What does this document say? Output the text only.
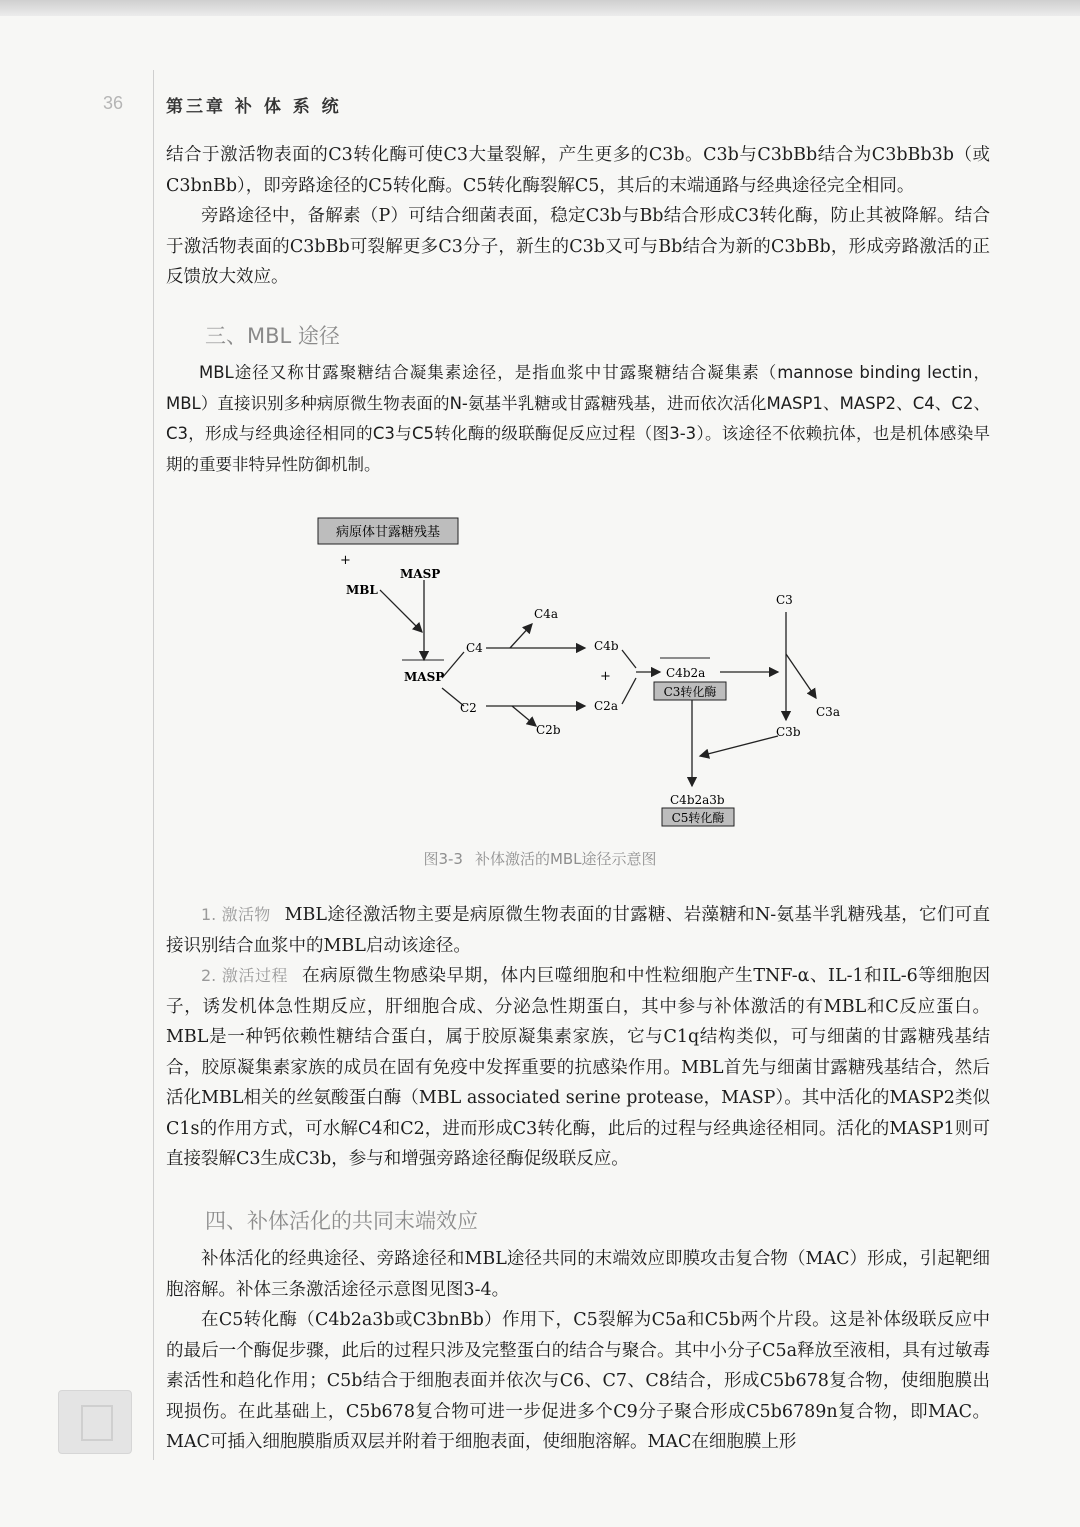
36	第三章 补 体 系 统

结合于激活物表面的C3转化酶可使C3大量裂解，产生更多的C3b。C3b与C3bBb结合为C3bBb3b（或C3bnBb），即旁路途径的C5转化酶。C5转化酶裂解C5，其后的末端通路与经典途径完全相同。

旁路途径中，备解素（P）可结合细菌表面，稳定C3b与Bb结合形成C3转化酶，防止其被降解。结合于激活物表面的C3bBb可裂解更多C3分子，新生的C3b又可与Bb结合为新的C3bBb，形成旁路激活的正反馈放大效应。

三、MBL 途径

MBL途径又称甘露聚糖结合凝集素途径，是指血浆中甘露聚糖结合凝集素（mannose binding lectin，MBL）直接识别多种病原微生物表面的N-氨基半乳糖或甘露糖残基，进而依次活化MASP1、MASP2、C4、C2、C3，形成与经典途径相同的C3与C5转化酶的级联酶促反应过程（图3-3）。该途径不依赖抗体，也是机体感染早期的重要非特异性防御机制。

病原体甘露糖残基
+
MBL
MASP
MASP
C4
C4a
C4b
C2	C2a
C2b
+	C4b2a
C3转化酶
C3
C3a
C3b
C4b2a3b
C5转化酶
图3-3 补体激活的MBL途径示意图

1. 激活物 MBL途径激活物主要是病原微生物表面的甘露糖、岩藻糖和N-氨基半乳糖残基，它们可直接识别结合血浆中的MBL启动该途径。

2. 激活过程 在病原微生物感染早期，体内巨噬细胞和中性粒细胞产生TNF-α、IL-1和IL-6等细胞因子，诱发机体急性期反应，肝细胞合成、分泌急性期蛋白，其中参与补体激活的有MBL和C反应蛋白。MBL是一种钙依赖性糖结合蛋白，属于胶原凝集素家族，它与C1q结构类似，可与细菌的甘露糖残基结合，胶原凝集素家族的成员在固有免疫中发挥重要的抗感染作用。MBL首先与细菌甘露糖残基结合，然后活化MBL相关的丝氨酸蛋白酶（MBL associated serine protease，MASP）。其中活化的MASP2类似C1s的作用方式，可水解C4和C2，进而形成C3转化酶，此后的过程与经典途径相同。活化的MASP1则可直接裂解C3生成C3b，参与和增强旁路途径酶促级联反应。

四、补体活化的共同末端效应

补体活化的经典途径、旁路途径和MBL途径共同的末端效应即膜攻击复合物（MAC）形成，引起靶细胞溶解。补体三条激活途径示意图见图3-4。

在C5转化酶（C4b2a3b或C3bnBb）作用下，C5裂解为C5a和C5b两个片段。这是补体级联反应中的最后一个酶促步骤，此后的过程只涉及完整蛋白的结合与聚合。其中小分子C5a释放至液相，具有过敏毒素活性和趋化作用；C5b结合于细胞表面并依次与C6、C7、C8结合，形成C5b678复合物，使细胞膜出现损伤。在此基础上，C5b678复合物可进一步促进多个C9分子聚合形成C5b6789n复合物，即MAC。MAC可插入细胞膜脂质双层并附着于细胞表面，使细胞溶解。MAC在细胞膜上形
